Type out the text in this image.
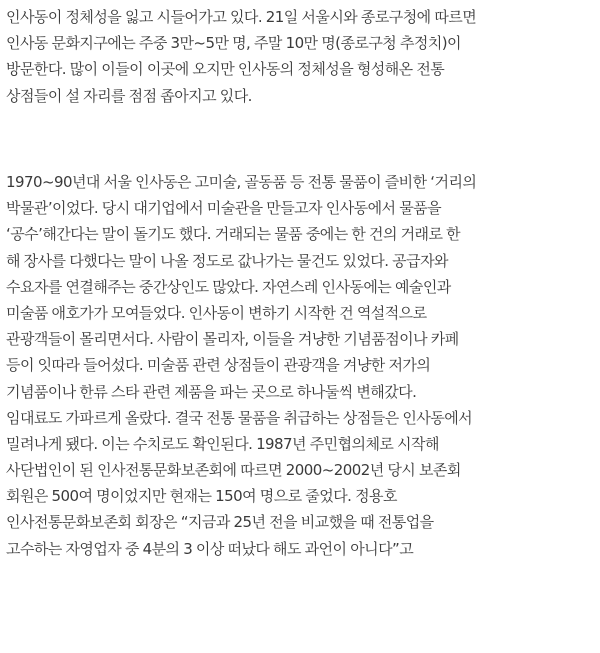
인사동이 정체성을 잃고 시들어가고 있다. 21일 서울시와 종로구청에 따르면
인사동 문화지구에는 주중 3만~5만 명, 주말 10만 명(종로구청 추정치)이
방문한다. 많이 이들이 이곳에 오지만 인사동의 정체성을 형성해온 전통
상점들이 설 자리를 점점 좁아지고 있다.
1970~90년대 서울 인사동은 고미술, 골동품 등 전통 물품이 즐비한 ‘거리의
박물관’이었다. 당시 대기업에서 미술관을 만들고자 인사동에서 물품을
‘공수’해간다는 말이 돌기도 했다. 거래되는 물품 중에는 한 건의 거래로 한
해 장사를 다했다는 말이 나올 정도로 값나가는 물건도 있었다. 공급자와
수요자를 연결해주는 중간상인도 많았다. 자연스레 인사동에는 예술인과
미술품 애호가가 모여들었다. 인사동이 변하기 시작한 건 역설적으로
관광객들이 몰리면서다. 사람이 몰리자, 이들을 겨냥한 기념품점이나 카페
등이 잇따라 들어섰다. 미술품 관련 상점들이 관광객을 겨냥한 저가의
기념품이나 한류 스타 관련 제품을 파는 곳으로 하나둘씩 변해갔다.
임대료도 가파르게 올랐다. 결국 전통 물품을 취급하는 상점들은 인사동에서
밀려나게 됐다. 이는 수치로도 확인된다. 1987년 주민협의체로 시작해
사단법인이 된 인사전통문화보존회에 따르면 2000~2002년 당시 보존회
회원은 500여 명이었지만 현재는 150여 명으로 줄었다. 정용호
인사전통문화보존회 회장은 “지금과 25년 전을 비교했을 때 전통업을
고수하는 자영업자 중 4분의 3 이상 떠났다 해도 과언이 아니다”고
